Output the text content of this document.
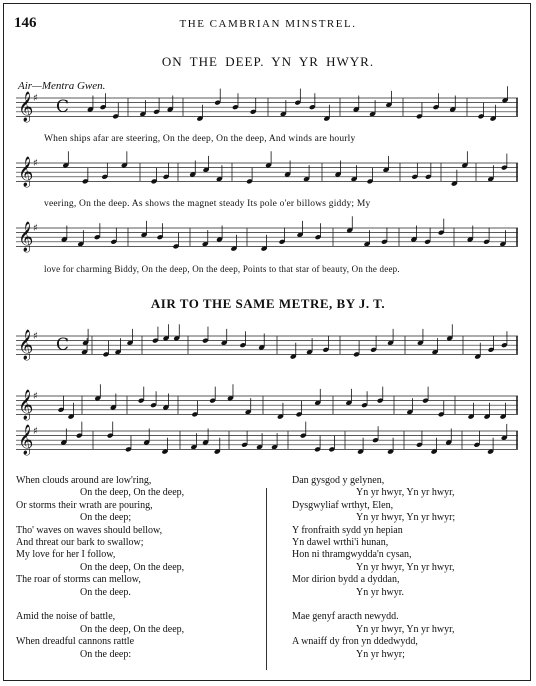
146	THE CAMBRIAN MINSTREL.
ON THE DEEP. YN YR HWYR.
Air—Mentra Gwen.
𝄞 ♯ C
𝄞 ♯
𝄞 ♯
𝄞 ♯ C
𝄞 ♯
𝄞 ♯
When ships afar are steering, On the deep, On the deep, And winds are hourly
veering, On the deep. As shows the magnet steady Its pole o'er billows giddy; My
love for charming Biddy, On the deep, On the deep, Points to that star of beauty, On the deep.
AIR TO THE SAME METRE, BY J. T.
When clouds around are low'ring,
On the deep, On the deep,
Or storms their wrath are pouring,
On the deep;
Tho' waves on waves should bellow,
And threat our bark to swallow;
My love for her I follow,
On the deep, On the deep,
The roar of storms can mellow,
On the deep.

Amid the noise of battle,
On the deep, On the deep,
When dreadful cannons rattle
On the deep:
Dan gysgod y gelynen,
Yn yr hwyr, Yn yr hwyr,
Dysgwyliaf wrthyt, Elen,
Yn yr hwyr, Yn yr hwyr;
Y fronfraith sydd yn hepian
Yn dawel wrthi'i hunan,
Hon ni thramgwydda'n cysan,
Yn yr hwyr, Yn yr hwyr,
Mor dirion bydd a dyddan,
Yn yr hwyr.

Mae genyf aracth newydd.
Yn yr hwyr, Yn yr hwyr,
A wnaiff dy fron yn ddedwydd,
Yn yr hwyr;
